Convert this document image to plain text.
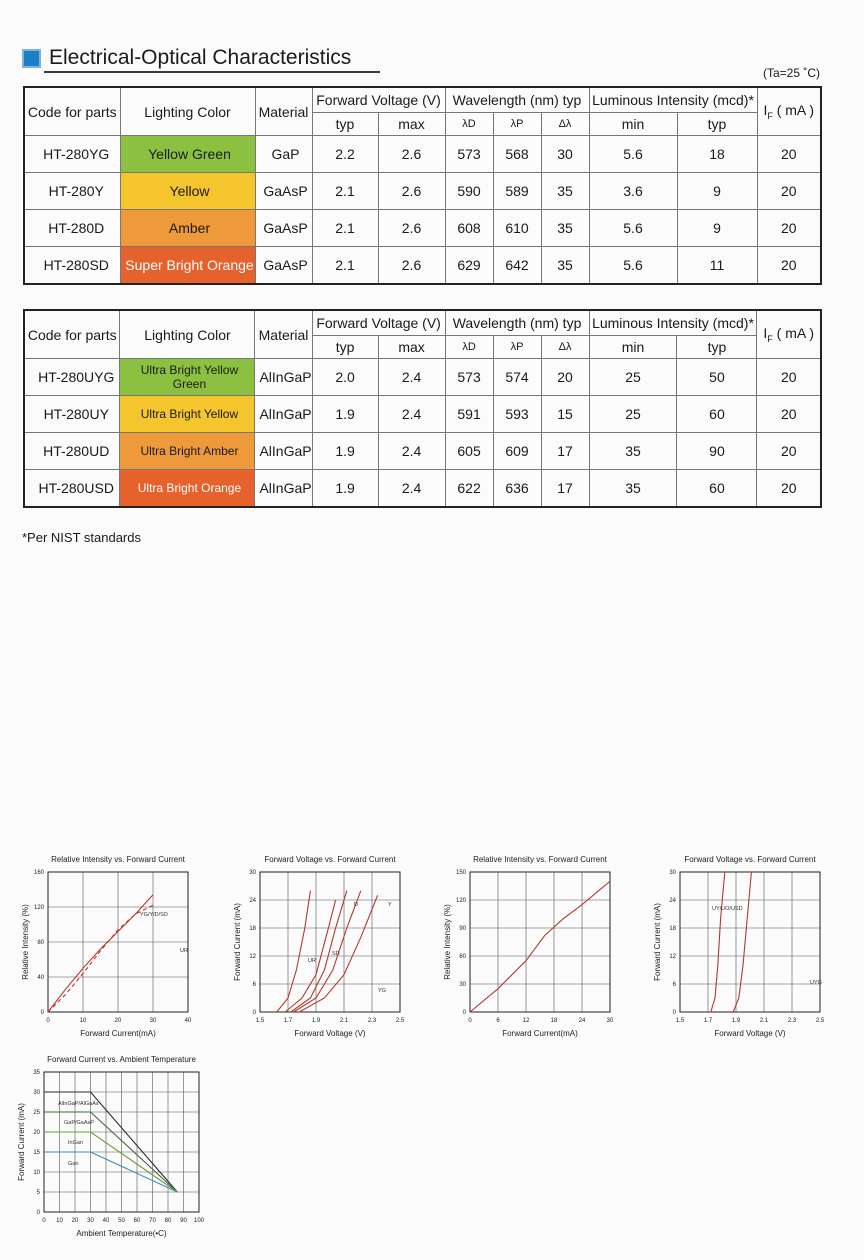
Electrical-Optical Characteristics
(Ta=25 ˚C)
Code for parts	Lighting Color	Material	Forward Voltage (V)		Wavelength (nm) typ			Luminous Intensity (mcd)*		$I_F$ ( mA )
			typ	max	λD	λP	Δλ	min	typ	
HT-280YG	Yellow Green	GaP	2.2	2.6	573	568	30	5.6	18	20
HT-280Y	Yellow	GaAsP	2.1	2.6	590	589	35	3.6	9	20
HT-280D	Amber	GaAsP	2.1	2.6	608	610	35	5.6	9	20
HT-280SD	Super Bright Orange	GaAsP	2.1	2.6	629	642	35	5.6	11	20
Code for parts	Lighting Color	Material	Forward Voltage (V)		Wavelength (nm) typ			Luminous Intensity (mcd)*		$I_F$ ( mA )
			typ	max	λD	λP	Δλ	min	typ	
HT-280UYG	Ultra Bright Yellow Green	AlInGaP	2.0	2.4	573	574	20	25	50	20
HT-280UY	Ultra Bright Yellow	AlInGaP	1.9	2.4	591	593	15	25	60	20
HT-280UD	Ultra Bright Amber	AlInGaP	1.9	2.4	605	609	17	35	90	20
HT-280USD	Ultra Bright Orange	AlInGaP	1.9	2.4	622	636	17	35	60	20
*Per NIST standards
Relative Intensity vs. Forward Current
0	10	20	30	40
0
40
80
120
160
Forward Current(mA)
Relative Intensity (%)	YG/Y/D/SD
UR
Forward Voltage vs. Forward Current
1.5	1.7	1.9	2.1	2.3	2.5
0
6
12
18
24
30
Forward Voltage (V)
Forward Current (mA)	UR
SD
D	Y
YG
Relative Intensity vs. Forward Current
0	6	12	18	24	30
0
30
60
90
120
150
Forward Current(mA)
Relative Intensity (%)
Forward Voltage vs. Forward Current
1.5	1.7	1.9	2.1	2.3	2.5
0
6
12
18
24
30
Forward Voltage (V)
Forward Current (mA)	UY/UO/USD
UYG
Forward Current vs. Ambient Temperature
0 10 20 30 40 50 60 70 80 90 100
0
5
10
15
20
25
30
35
Ambient Temperature(•C)
Forward Current (mA)	AlInGaP/AlGaAs
GaP/GaAsP
InGan
Gan
